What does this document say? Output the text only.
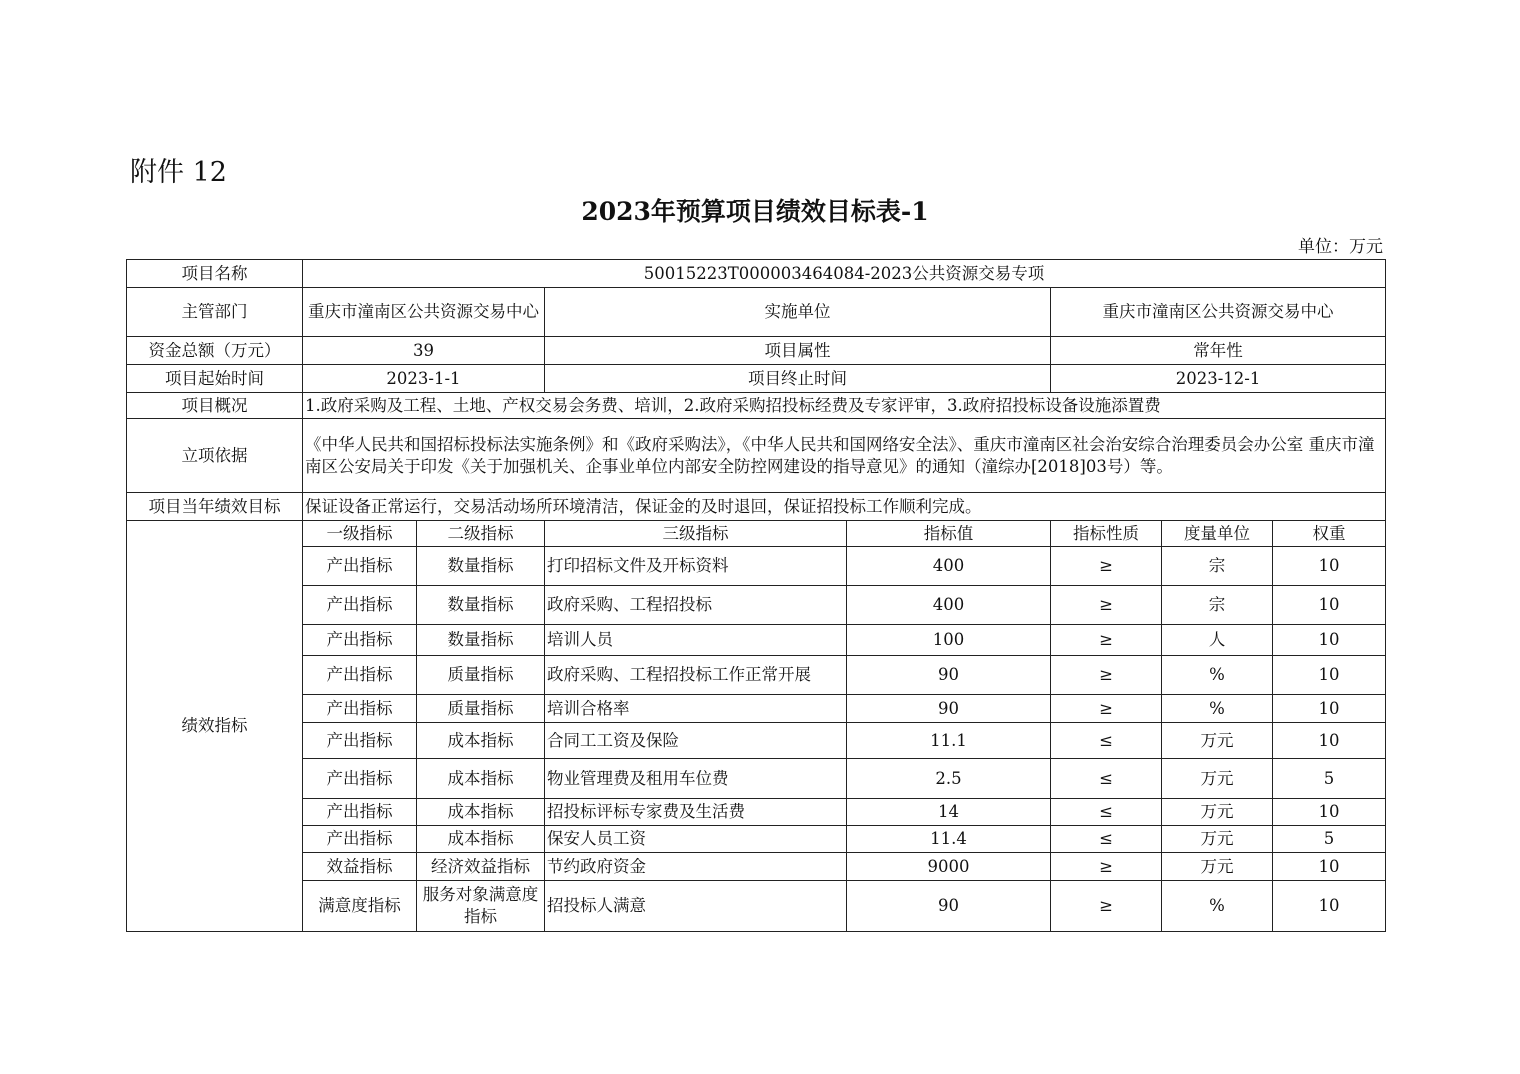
附件 12
2023年预算项目绩效目标表-1
单位：万元
项目名称	50015223T000003464084-2023公共资源交易专项						
主管部门	重庆市潼南区公共资源交易中心		实施单位		重庆市潼南区公共资源交易中心		
资金总额（万元）	39		项目属性		常年性		
项目起始时间	2023-1-1		项目终止时间		2023-12-1		
项目概况	1.政府采购及工程、土地、产权交易会务费、培训，2.政府采购招投标经费及专家评审，3.政府招投标设备设施添置费						
立项依据	《中华人民共和国招标投标法实施条例》和《政府采购法》，《中华人民共和国网络安全法》、重庆市潼南区社会治安综合治理委员会办公室 重庆市潼南区公安局关于印发《关于加强机关、企事业单位内部安全防控网建设的指导意见》的通知（潼综办[2018]03号）等。						
项目当年绩效目标	保证设备正常运行，交易活动场所环境清洁，保证金的及时退回，保证招投标工作顺利完成。						
绩效指标	一级指标	二级指标	三级指标	指标值	指标性质	度量单位	权重
	产出指标	数量指标	打印招标文件及开标资料	400	≥	宗	10
	产出指标	数量指标	政府采购、工程招投标	400	≥	宗	10
	产出指标	数量指标	培训人员	100	≥	人	10
	产出指标	质量指标	政府采购、工程招投标工作正常开展	90	≥	%	10
	产出指标	质量指标	培训合格率	90	≥	%	10
	产出指标	成本指标	合同工工资及保险	11.1	≤	万元	10
	产出指标	成本指标	物业管理费及租用车位费	2.5	≤	万元	5
	产出指标	成本指标	招投标评标专家费及生活费	14	≤	万元	10
	产出指标	成本指标	保安人员工资	11.4	≤	万元	5
	效益指标	经济效益指标	节约政府资金	9000	≥	万元	10
	满意度指标	服务对象满意度指标	招投标人满意	90	≥	%	10
